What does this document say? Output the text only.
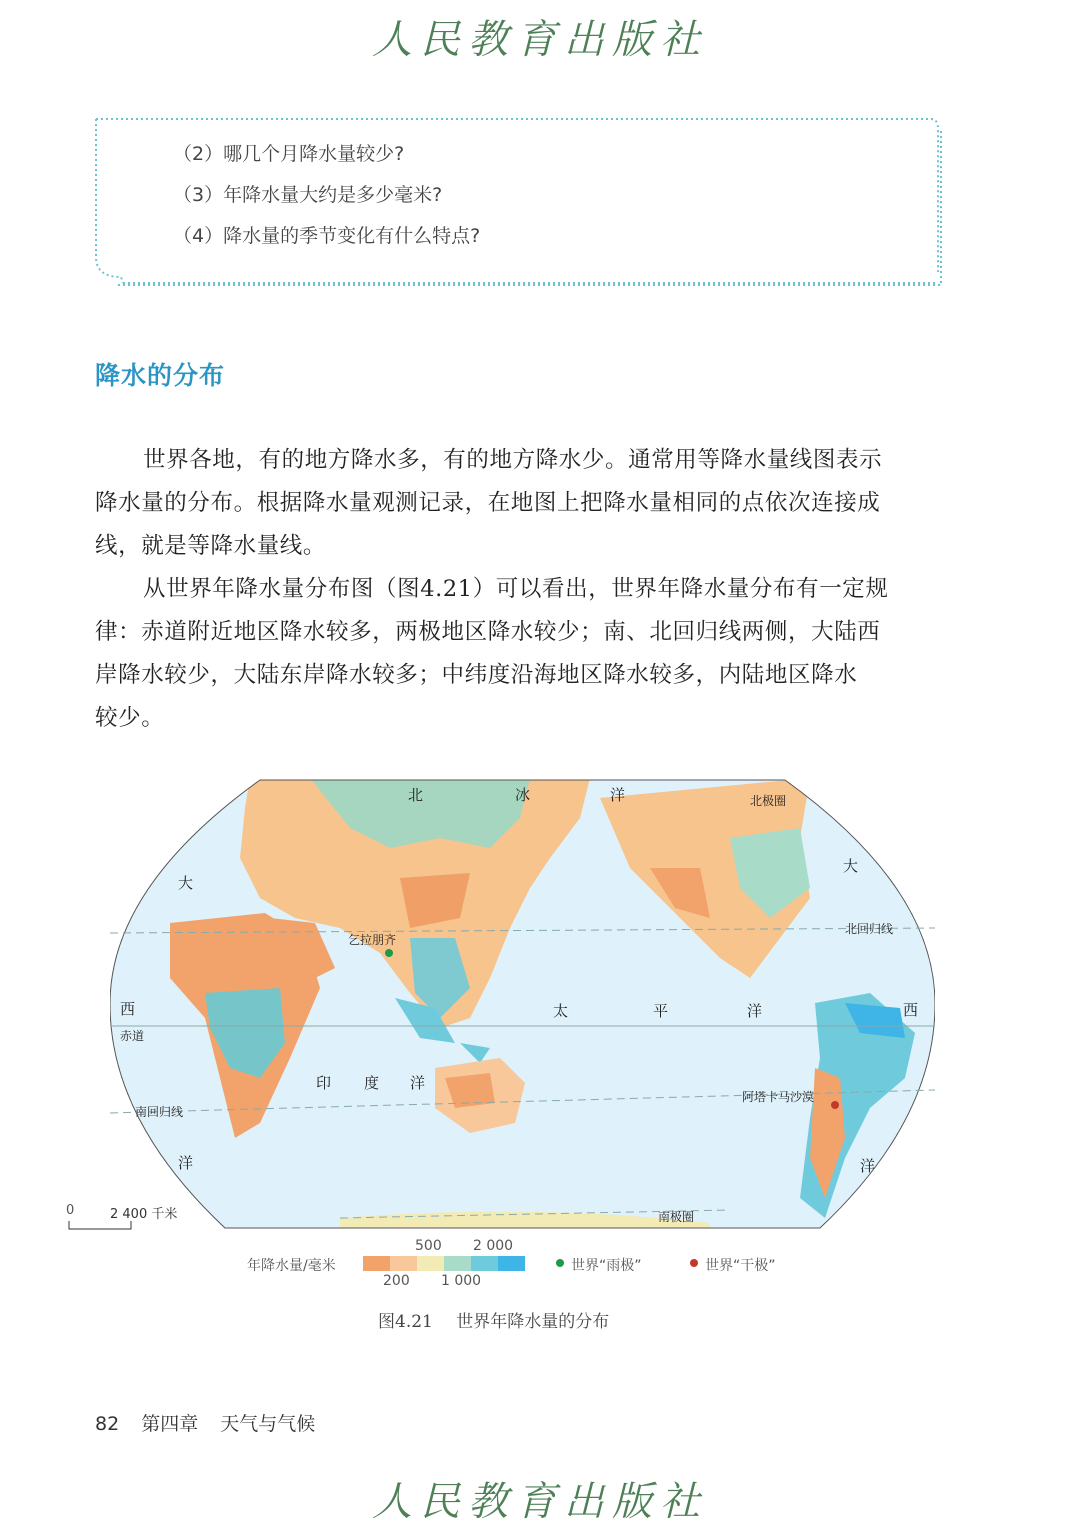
人民教育出版社
（2）哪几个月降水量较少?
（3）年降水量大约是多少毫米?
（4）降水量的季节变化有什么特点?
降水的分布
世界各地，有的地方降水多，有的地方降水少。通常用等降水量线图表示
降水量的分布。根据降水量观测记录，在地图上把降水量相同的点依次连接成
线，就是等降水量线。
从世界年降水量分布图（图4.21）可以看出，世界年降水量分布有一定规
律：赤道附近地区降水较多，两极地区降水较少；南、北回归线两侧，大陆西
岸降水较少，大陆东岸降水较多；中纬度沿海地区降水较多，内陆地区降水
较少。
北	冰	洋
大
西
洋
大
西
太	平	洋
印 度 洋
洋
北极圈
北回归线
赤道
南回归线
南极圈
乞拉朋齐
阿塔卡马沙漠
0	2 400 千米
年降水量/毫米
500 2 000
200 1 000
世界“雨极”	世界“干极”
图4.21 世界年降水量的分布
82 第四章 天气与气候
人民教育出版社
